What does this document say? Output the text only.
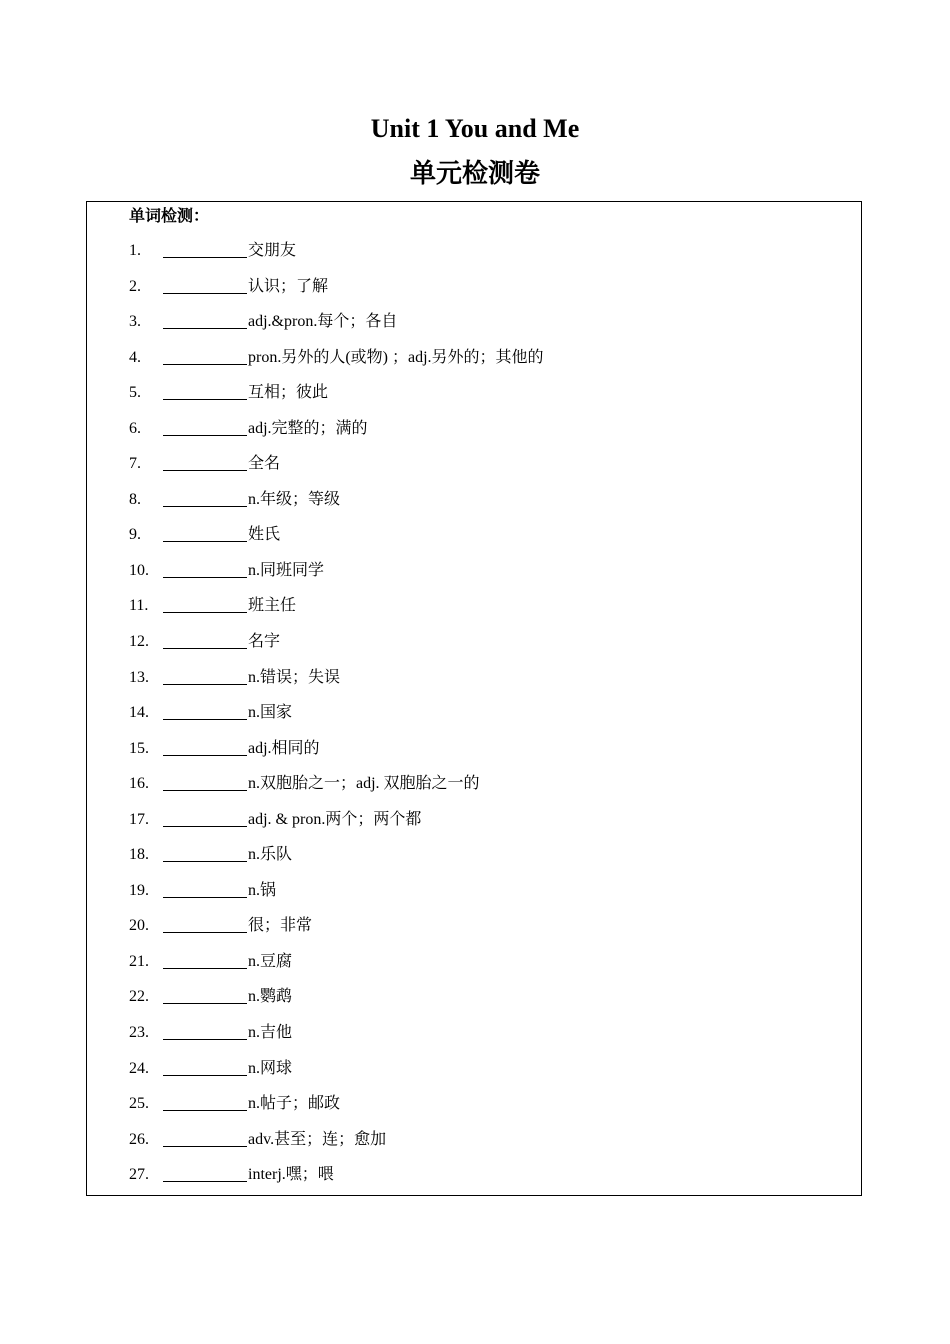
Unit 1 You and Me
单元检测卷
单词检测：
1.	交朋友
2.	认识；了解
3.	adj.&pron.每个；各自
4.	pron.另外的人(或物) ；adj.另外的；其他的
5.	互相；彼此
6.	adj.完整的；满的
7.	全名
8.	n.年级；等级
9.	姓氏
10.	n.同班同学
11.	班主任
12.	名字
13.	n.错误；失误
14.	n.国家
15.	adj.相同的
16.	n.双胞胎之一；adj. 双胞胎之一的
17.	adj. & pron.两个；两个都
18.	n.乐队
19.	n.锅
20.	很；非常
21.	n.豆腐
22.	n.鹦鹉
23.	n.吉他
24.	n.网球
25.	n.帖子；邮政
26.	adv.甚至；连；愈加
27.	interj.嘿；喂
